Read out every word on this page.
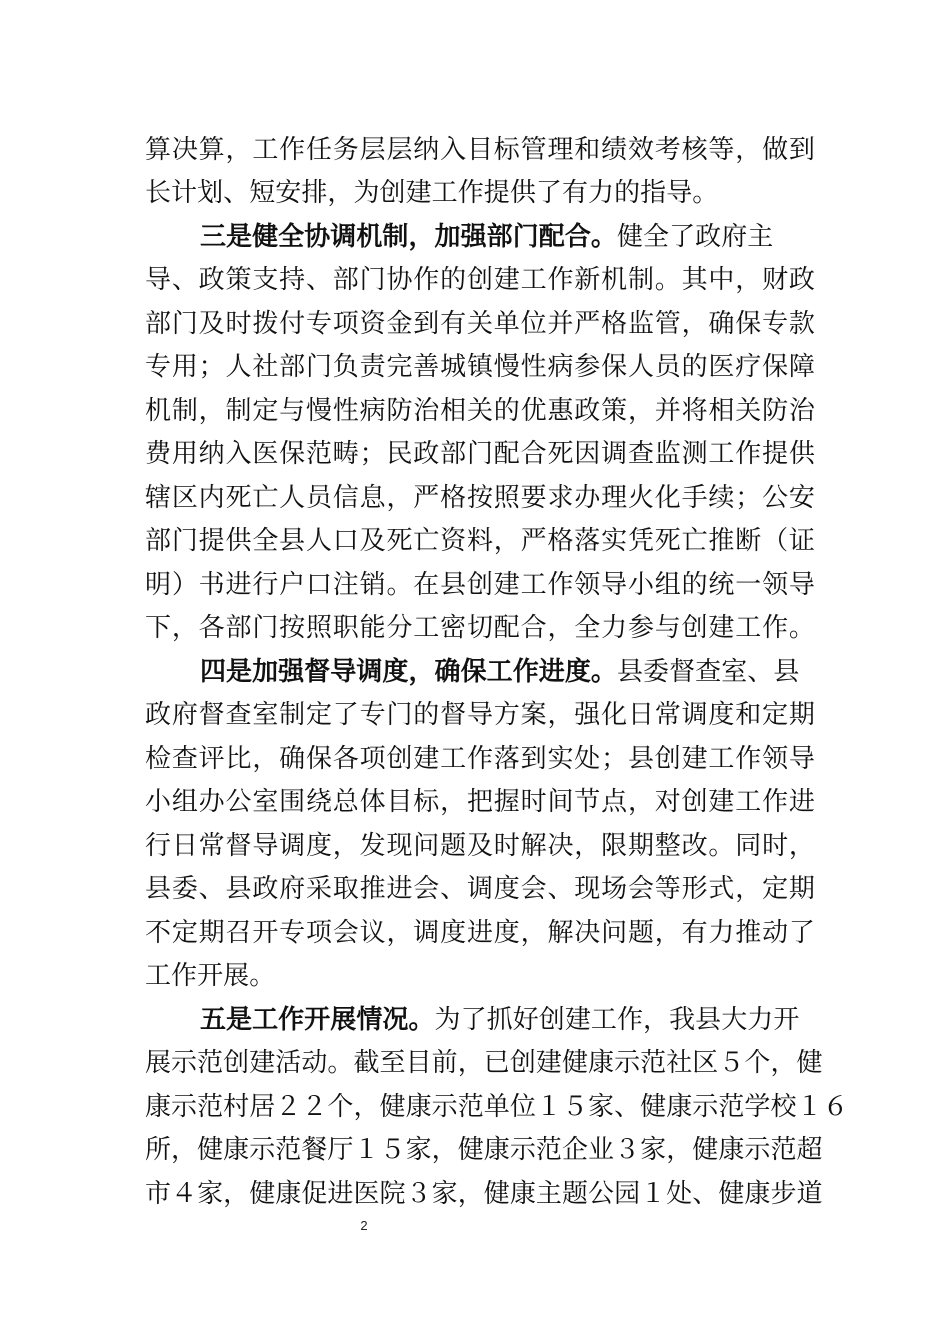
算决算，工作任务层层纳入目标管理和绩效考核等，做到
长计划、短安排，为创建工作提供了有力的指导。
三是健全协调机制，加强部门配合。健全了政府主
导、政策支持、部门协作的创建工作新机制。其中，财政
部门及时拨付专项资金到有关单位并严格监管，确保专款
专用；人社部门负责完善城镇慢性病参保人员的医疗保障
机制，制定与慢性病防治相关的优惠政策，并将相关防治
费用纳入医保范畴；民政部门配合死因调查监测工作提供
辖区内死亡人员信息，严格按照要求办理火化手续；公安
部门提供全县人口及死亡资料，严格落实凭死亡推断（证
明）书进行户口注销。在县创建工作领导小组的统一领导
下，各部门按照职能分工密切配合，全力参与创建工作。
四是加强督导调度，确保工作进度。县委督查室、县
政府督查室制定了专门的督导方案，强化日常调度和定期
检查评比，确保各项创建工作落到实处；县创建工作领导
小组办公室围绕总体目标，把握时间节点，对创建工作进
行日常督导调度，发现问题及时解决，限期整改。同时，
县委、县政府采取推进会、调度会、现场会等形式，定期
不定期召开专项会议，调度进度，解决问题，有力推动了
工作开展。
五是工作开展情况。为了抓好创建工作，我县大力开
展示范创建活动。截至目前，已创建健康示范社区５个，健
康示范村居２２个，健康示范单位１５家、健康示范学校１６
所，健康示范餐厅１５家，健康示范企业３家，健康示范超
市４家，健康促进医院３家，健康主题公园１处、健康步道
2
